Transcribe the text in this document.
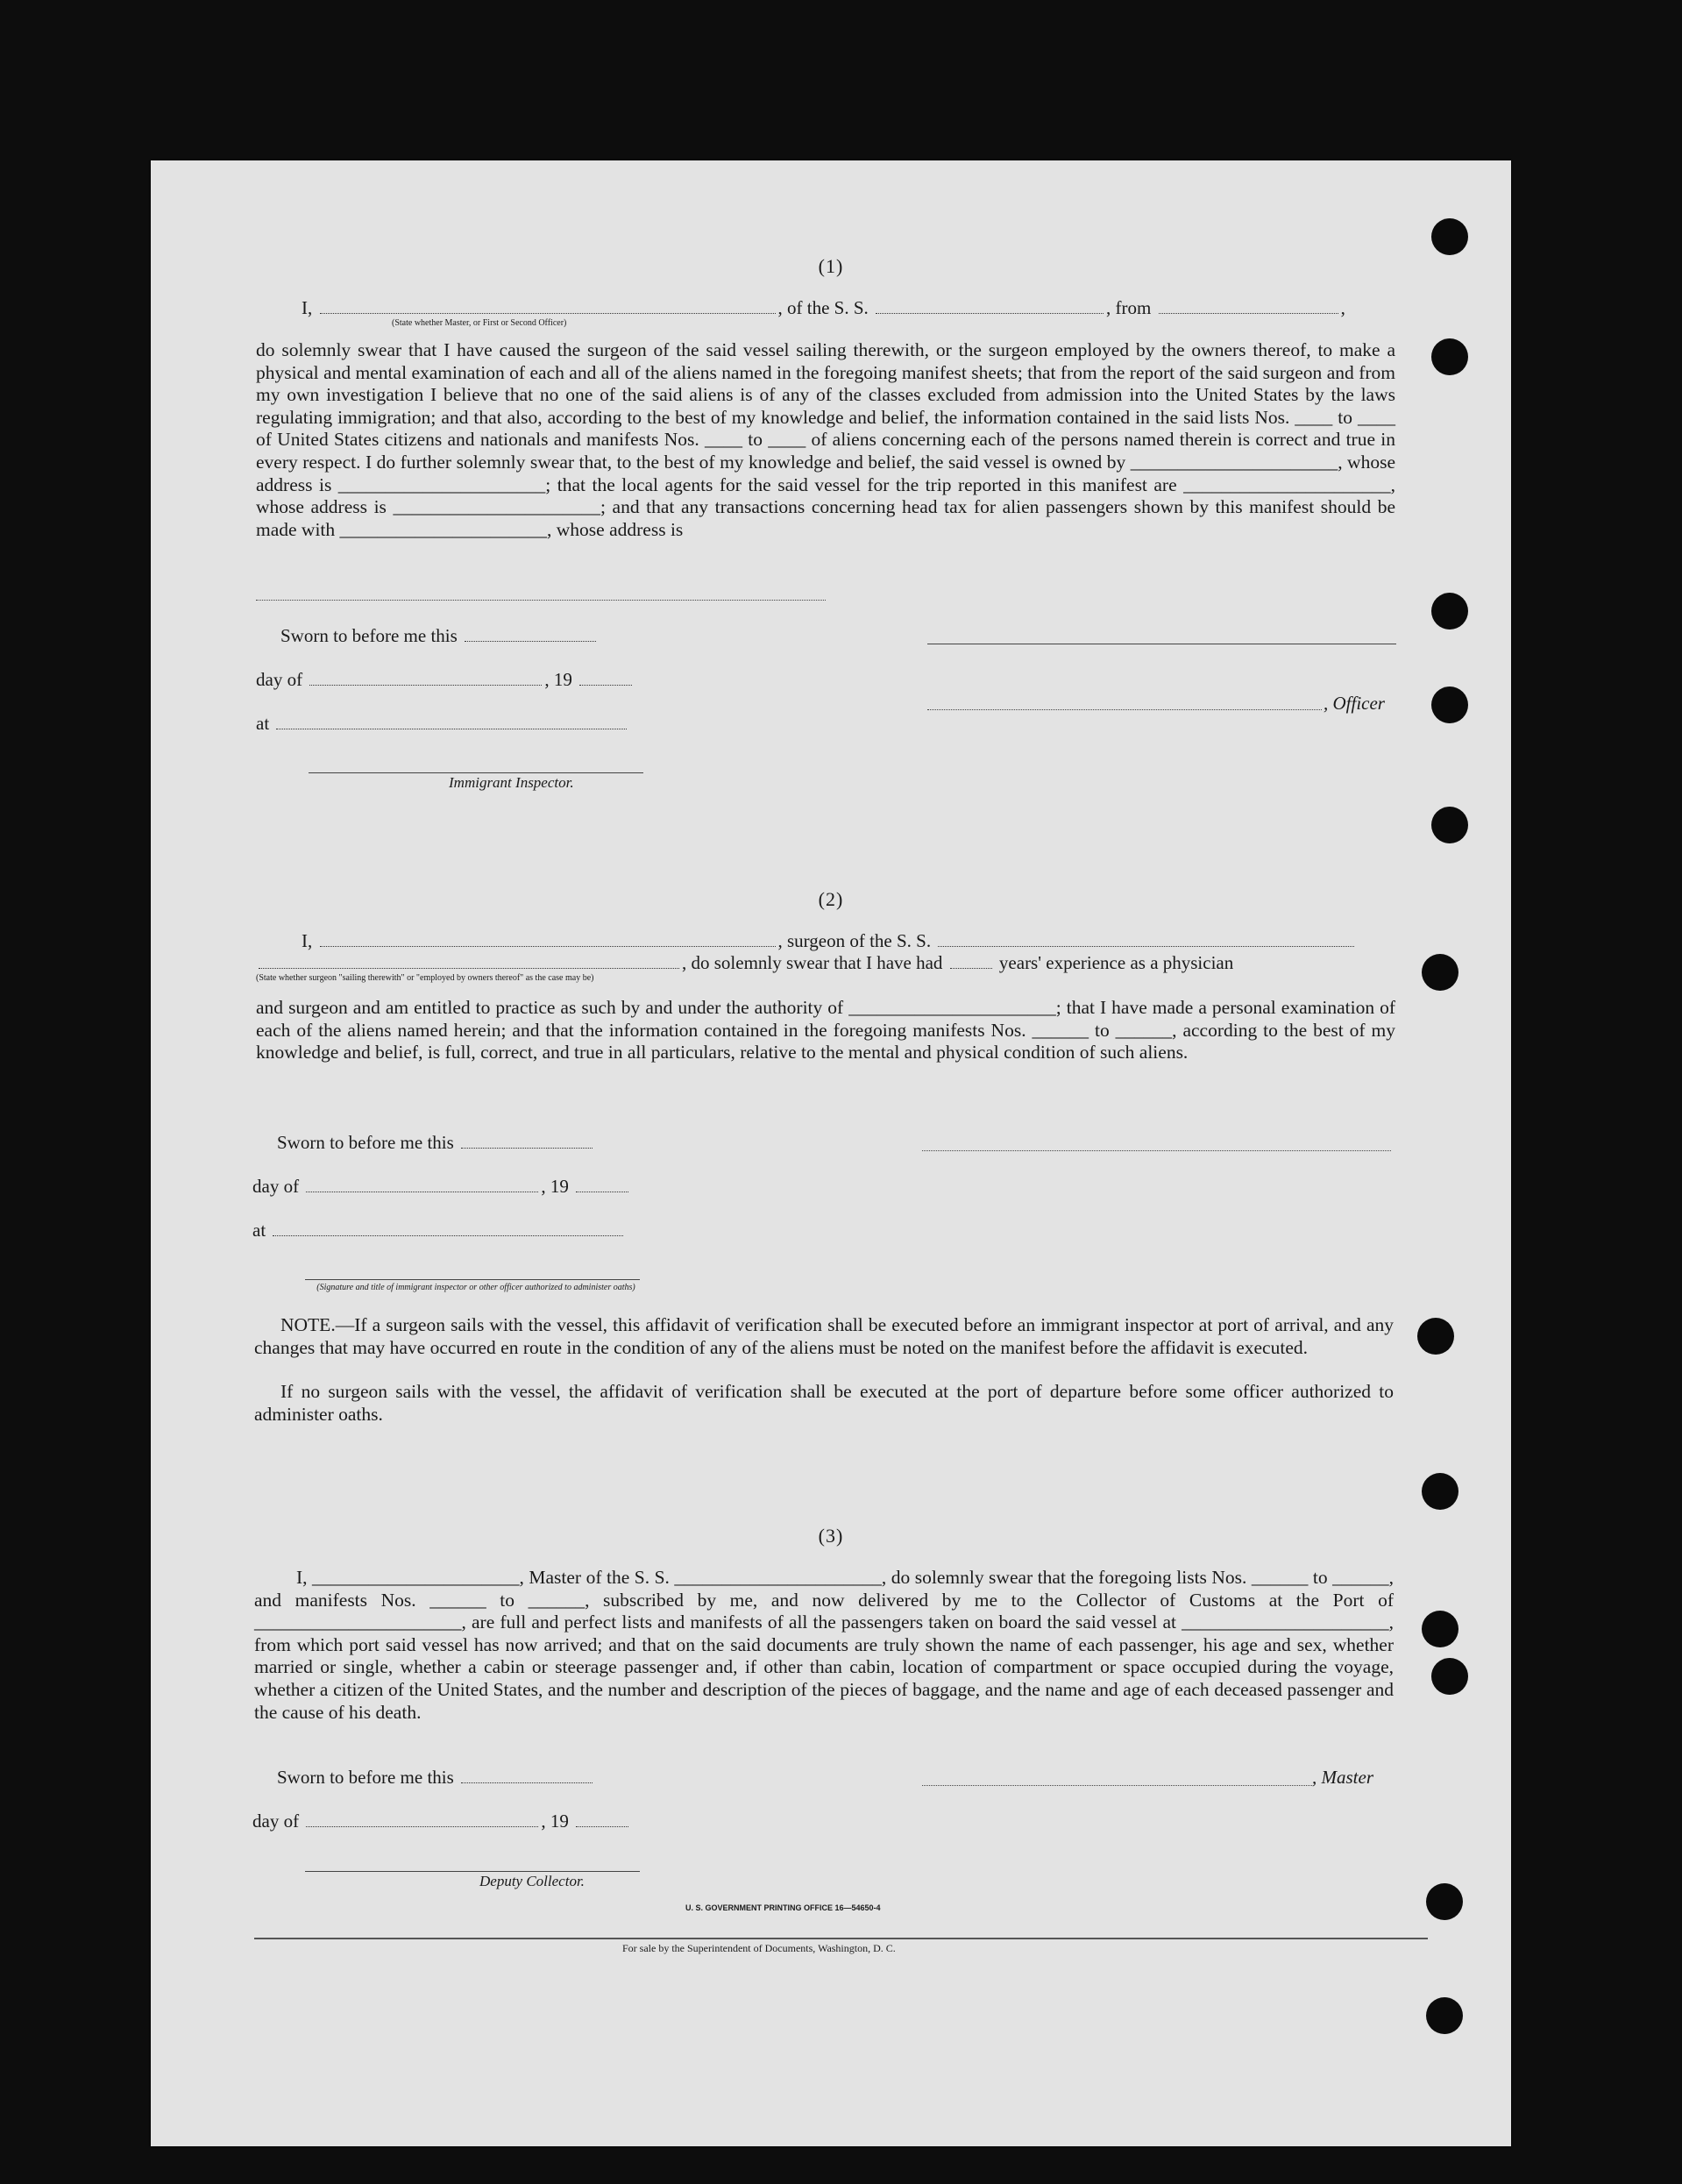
(1)
I,	, of the S. S.	, from	,
(State whether Master, or First or Second Officer)
do solemnly swear that I have caused the surgeon of the said vessel sailing therewith, or the surgeon employed by the owners thereof, to make a physical and mental examination of each and all of the aliens named in the foregoing manifest sheets; that from the report of the said surgeon and from my own investigation I believe that no one of the said aliens is of any of the classes excluded from admission into the United States by the laws regulating immigration; and that also, according to the best of my knowledge and belief, the information contained in the said lists Nos. ____ to ____ of United States citizens and nationals and manifests Nos. ____ to ____ of aliens concerning each of the persons named therein is correct and true in every respect. I do further solemnly swear that, to the best of my knowledge and belief, the said vessel is owned by ______________________, whose address is ______________________; that the local agents for the said vessel for the trip reported in this manifest are ______________________, whose address is ______________________; and that any transactions concerning head tax for alien passengers shown by this manifest should be made with ______________________, whose address is
Sworn to before me this
day of	, 19
at
Immigrant Inspector.
, Officer
(2)
I,	, surgeon of the S. S.
, do solemnly swear that I have had	years' experience as a physician
(State whether surgeon "sailing therewith" or "employed by owners thereof" as the case may be)
and surgeon and am entitled to practice as such by and under the authority of ______________________; that I have made a personal examination of each of the aliens named herein; and that the information contained in the foregoing manifests Nos. ______ to ______, according to the best of my knowledge and belief, is full, correct, and true in all particulars, relative to the mental and physical condition of such aliens.
Sworn to before me this
day of	, 19
at
(Signature and title of immigrant inspector or other officer authorized to administer oaths)
NOTE.—If a surgeon sails with the vessel, this affidavit of verification shall be executed before an immigrant inspector at port of arrival, and any changes that may have occurred en route in the condition of any of the aliens must be noted on the manifest before the affidavit is executed.
If no surgeon sails with the vessel, the affidavit of verification shall be executed at the port of departure before some officer authorized to administer oaths.
(3)
I, ______________________, Master of the S. S. ______________________, do solemnly swear that the foregoing lists Nos. ______ to ______, and manifests Nos. ______ to ______, subscribed by me, and now delivered by me to the Collector of Customs at the Port of ______________________, are full and perfect lists and manifests of all the passengers taken on board the said vessel at ______________________, from which port said vessel has now arrived; and that on the said documents are truly shown the name of each passenger, his age and sex, whether married or single, whether a cabin or steerage passenger and, if other than cabin, location of compartment or space occupied during the voyage, whether a citizen of the United States, and the number and description of the pieces of baggage, and the name and age of each deceased passenger and the cause of his death.
Sworn to before me this
day of	, 19
Deputy Collector.
, Master
U. S. GOVERNMENT PRINTING OFFICE 16—54650-4
For sale by the Superintendent of Documents, Washington, D. C.
